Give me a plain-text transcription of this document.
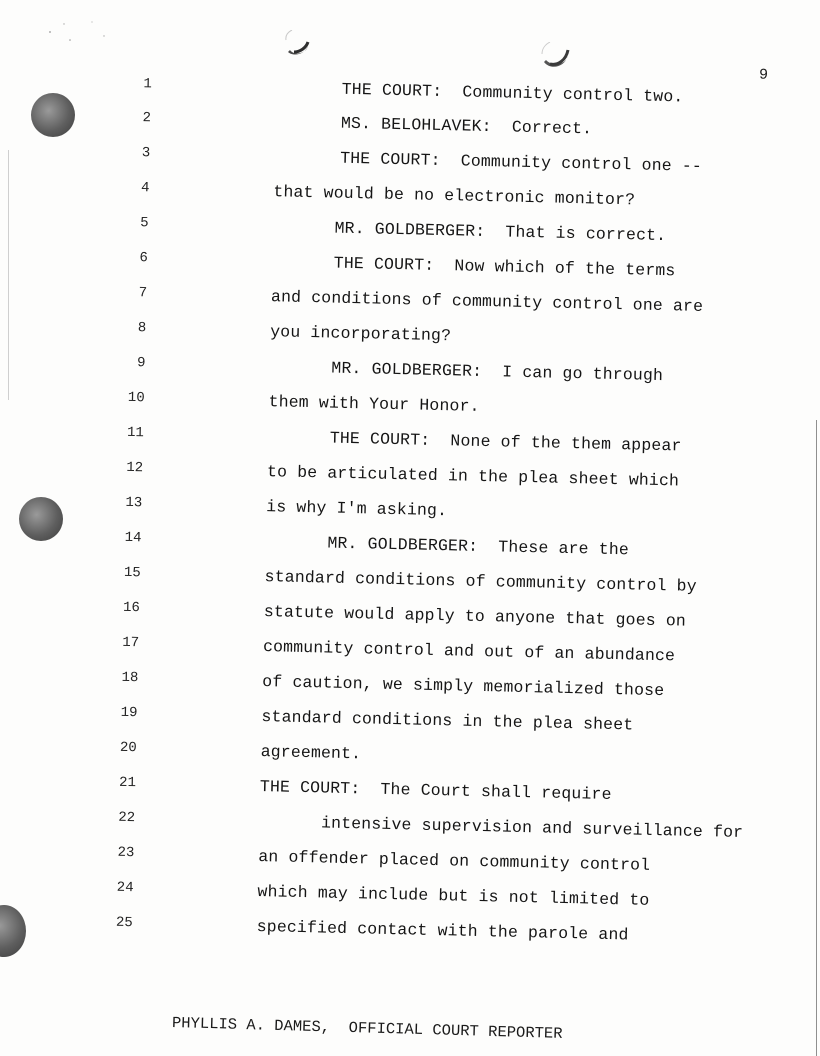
9
1	THE COURT:  Community control two.
2	MS. BELOHLAVEK:  Correct.
3	THE COURT:  Community control one --
4	that would be no electronic monitor?
5	MR. GOLDBERGER:  That is correct.
6	THE COURT:  Now which of the terms
7	and conditions of community control one are
8	you incorporating?
9	MR. GOLDBERGER:  I can go through
10	them with Your Honor.
11	THE COURT:  None of the them appear
12	to be articulated in the plea sheet which
13	is why I'm asking.
14	MR. GOLDBERGER:  These are the
15	standard conditions of community control by
16	statute would apply to anyone that goes on
17	community control and out of an abundance
18	of caution, we simply memorialized those
19	standard conditions in the plea sheet
20	agreement.
21	THE COURT:  The Court shall require
22	intensive supervision and surveillance for
23	an offender placed on community control
24	which may include but is not limited to
25	specified contact with the parole and
PHYLLIS A. DAMES,  OFFICIAL COURT REPORTER
